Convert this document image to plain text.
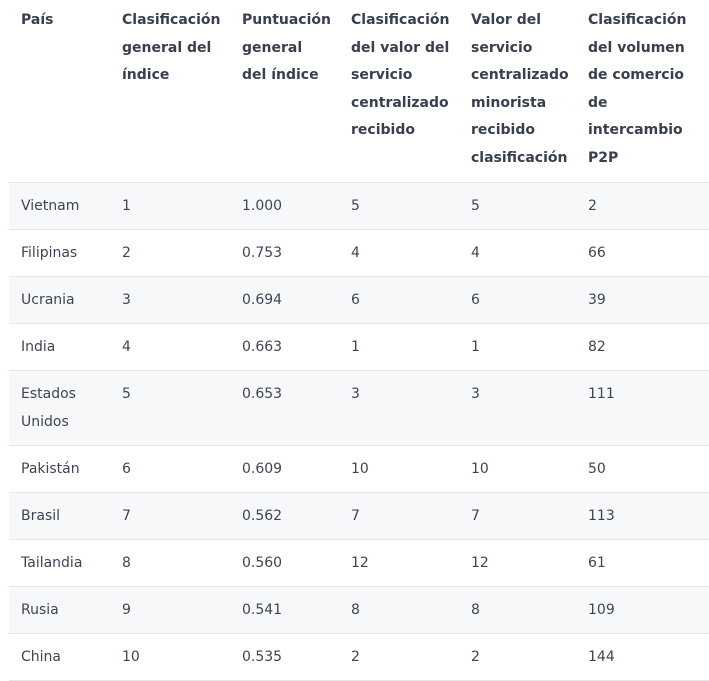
País	Clasificación general del índice	Puntuación general del índice	Clasificación del valor del servicio centralizado recibido	Valor del servicio centralizado minorista recibido clasificación	Clasificación del volumen de comercio de intercambio P2P
Vietnam	1	1.000	5	5	2
Filipinas	2	0.753	4	4	66
Ucrania	3	0.694	6	6	39
India	4	0.663	1	1	82
Estados Unidos	5	0.653	3	3	111
Pakistán	6	0.609	10	10	50
Brasil	7	0.562	7	7	113
Tailandia	8	0.560	12	12	61
Rusia	9	0.541	8	8	109
China	10	0.535	2	2	144
